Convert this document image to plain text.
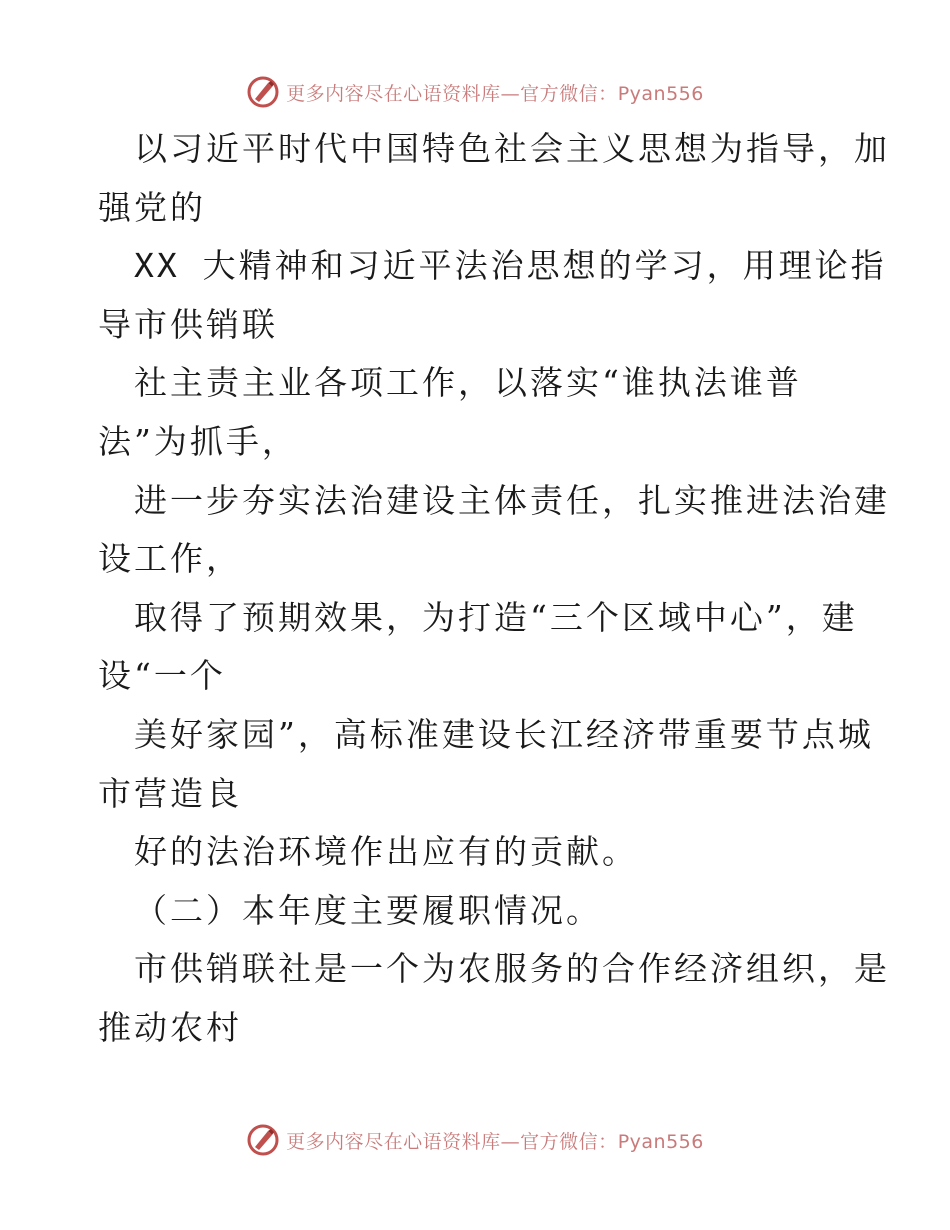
更多内容尽在心语资料库—官方微信：Pyan556
以习近平时代中国特色社会主义思想为指导，加
强党的
XX 大精神和习近平法治思想的学习，用理论指
导市供销联
社主责主业各项工作，以落实“谁执法谁普
法”为抓手，
进一步夯实法治建设主体责任，扎实推进法治建
设工作，
取得了预期效果，为打造“三个区域中心”，建
设“一个
美好家园”，高标准建设长江经济带重要节点城
市营造良
好的法治环境作出应有的贡献。
（二）本年度主要履职情况。
市供销联社是一个为农服务的合作经济组织，是
推动农村
更多内容尽在心语资料库—官方微信：Pyan556
